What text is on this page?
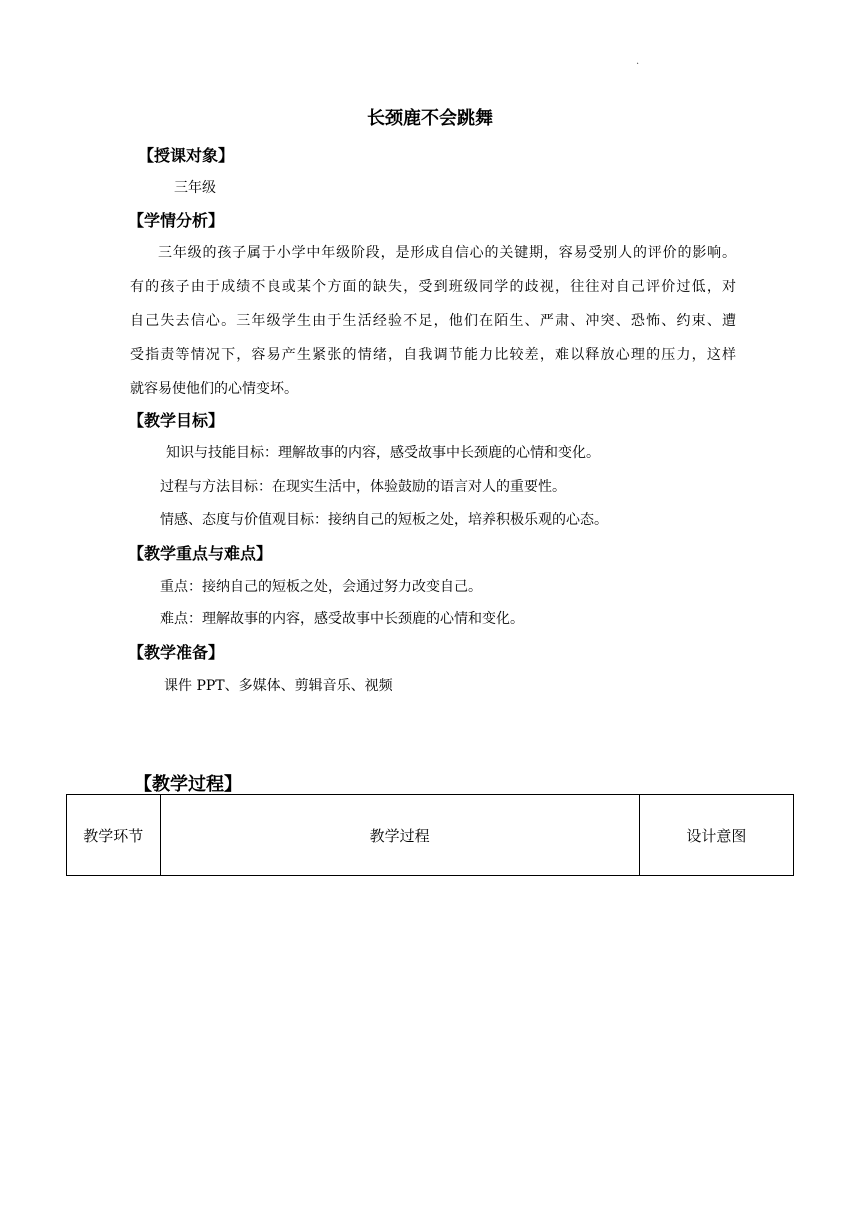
.
长颈鹿不会跳舞
【授课对象】
三年级
【学情分析】
三年级的孩子属于小学中年级阶段，是形成自信心的关键期，容易受别人的评价的影响。
有的孩子由于成绩不良或某个方面的缺失，受到班级同学的歧视，往往对自己评价过低，对
自己失去信心。三年级学生由于生活经验不足，他们在陌生、严肃、冲突、恐怖、约束、遭
受指责等情况下，容易产生紧张的情绪，自我调节能力比较差，难以释放心理的压力，这样
就容易使他们的心情变坏。
【教学目标】
知识与技能目标：理解故事的内容，感受故事中长颈鹿的心情和变化。
过程与方法目标：在现实生活中，体验鼓励的语言对人的重要性。
情感、态度与价值观目标：接纳自己的短板之处，培养积极乐观的心态。
【教学重点与难点】
重点：接纳自己的短板之处，会通过努力改变自己。
难点：理解故事的内容，感受故事中长颈鹿的心情和变化。
【教学准备】
课件 PPT、多媒体、剪辑音乐、视频
【教学过程】
教学环节	教学过程	设计意图
